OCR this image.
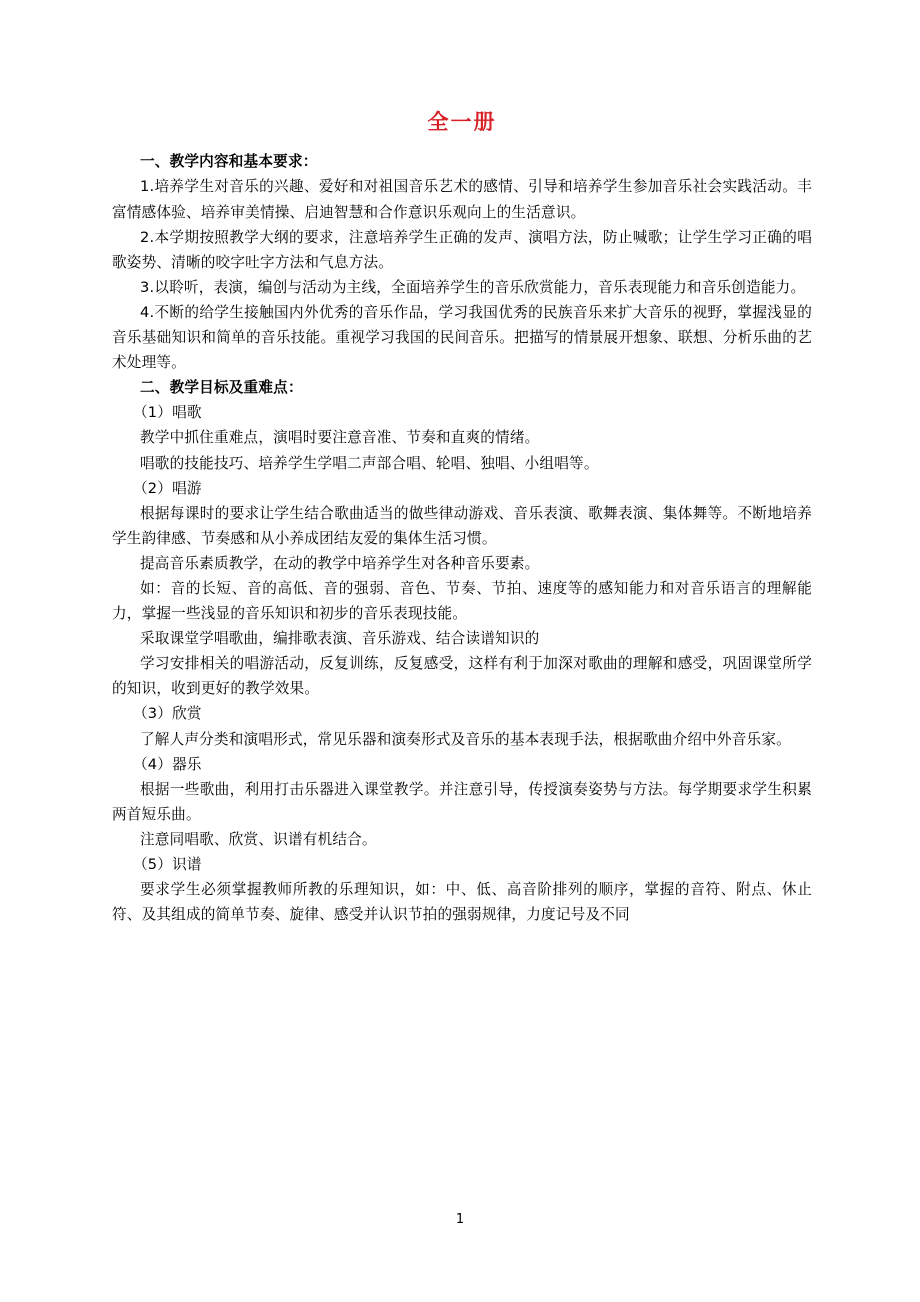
全一册

一、教学内容和基本要求：

1.培养学生对音乐的兴趣、爱好和对祖国音乐艺术的感情、引导和培养学生参加音乐社会实践活动。丰富情感体验、培养审美情操、启迪智慧和合作意识乐观向上的生活意识。

2.本学期按照教学大纲的要求，注意培养学生正确的发声、演唱方法，防止喊歌；让学生学习正确的唱歌姿势、清晰的咬字吐字方法和气息方法。

3.以聆听，表演，编创与活动为主线，全面培养学生的音乐欣赏能力，音乐表现能力和音乐创造能力。

4.不断的给学生接触国内外优秀的音乐作品，学习我国优秀的民族音乐来扩大音乐的视野，掌握浅显的音乐基础知识和简单的音乐技能。重视学习我国的民间音乐。把描写的情景展开想象、联想、分析乐曲的艺术处理等。

二、教学目标及重难点：

（1）唱歌

教学中抓住重难点，演唱时要注意音准、节奏和直爽的情绪。

唱歌的技能技巧、培养学生学唱二声部合唱、轮唱、独唱、小组唱等。

（2）唱游

根据每课时的要求让学生结合歌曲适当的做些律动游戏、音乐表演、歌舞表演、集体舞等。不断地培养学生韵律感、节奏感和从小养成团结友爱的集体生活习惯。

提高音乐素质教学，在动的教学中培养学生对各种音乐要素。

如：音的长短、音的高低、音的强弱、音色、节奏、节拍、速度等的感知能力和对音乐语言的理解能力，掌握一些浅显的音乐知识和初步的音乐表现技能。

采取课堂学唱歌曲，编排歌表演、音乐游戏、结合读谱知识的

学习安排相关的唱游活动，反复训练，反复感受，这样有利于加深对歌曲的理解和感受，巩固课堂所学的知识，收到更好的教学效果。

（3）欣赏

了解人声分类和演唱形式，常见乐器和演奏形式及音乐的基本表现手法，根据歌曲介绍中外音乐家。

（4）器乐

根据一些歌曲，利用打击乐器进入课堂教学。并注意引导，传授演奏姿势与方法。每学期要求学生积累两首短乐曲。

注意同唱歌、欣赏、识谱有机结合。

（5）识谱

要求学生必须掌握教师所教的乐理知识，如：中、低、高音阶排列的顺序，掌握的音符、附点、休止符、及其组成的简单节奏、旋律、感受并认识节拍的强弱规律，力度记号及不同

1
